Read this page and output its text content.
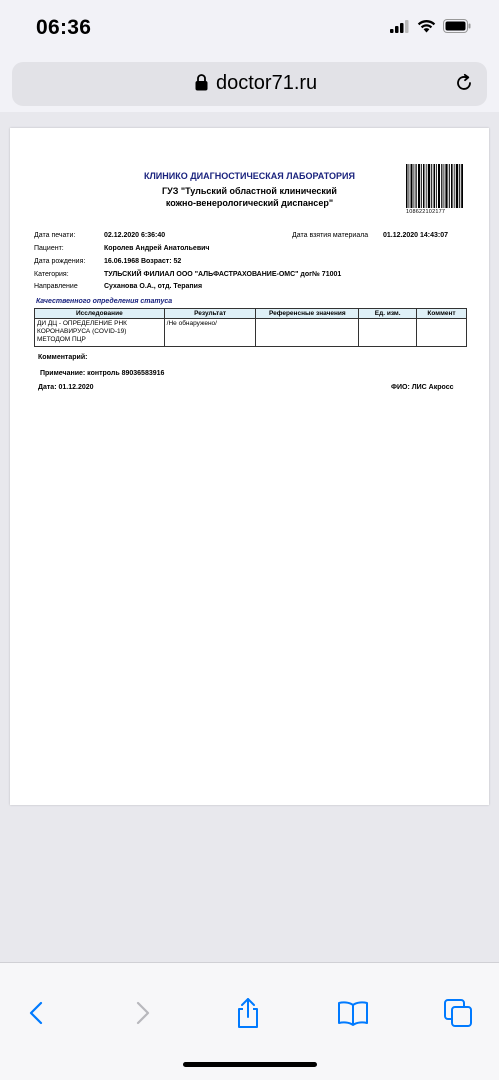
06:36
doctor71.ru
КЛИНИКО ДИАГНОСТИЧЕСКАЯ ЛАБОРАТОРИЯ
ГУЗ "Тульский областной клинический
кожно-венерологический диспансер"
108622102177
Дата печати:	02.12.2020 6:36:40	Дата взятия материала 01.12.2020 14:43:07
Пациент:	Королев Андрей Анатольевич
Дата рождения:	16.06.1968 Возраст: 52
Категория:	ТУЛЬСКИЙ ФИЛИАЛ ООО "АЛЬФАСТРАХОВАНИЕ-ОМС" дог№ 71001
Направление	Суханова О.А., отд. Терапия
Качественного определения статуса
Исследование	Результат	Референсные значения	Ед. изм.	Коммент

ДИ ДЦ - ОПРЕДЕЛЕНИЕ РНК
КОРОНАВИРУСА (COVID-19)
МЕТОДОМ ПЦР	/Не обнаружено/			
Комментарий:
Примечание: контроль 89036583916
Дата: 01.12.2020	ФИО: ЛИС Акросс
